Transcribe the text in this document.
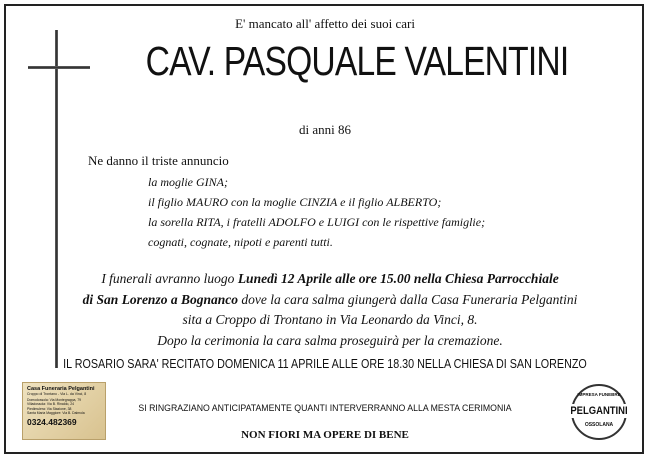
E' mancato all' affetto dei suoi cari
CAV. PASQUALE VALENTINI
di anni 86
Ne danno il triste annuncio
la moglie GINA;
il figlio MAURO con la moglie CINZIA e il figlio ALBERTO;
la sorella RITA, i fratelli ADOLFO e LUIGI con le rispettive famiglie;
cognati, cognate, nipoti e parenti tutti.
I funerali avranno luogo Lunedì 12 Aprile alle ore 15.00 nella Chiesa Parrocchiale
di San Lorenzo a Bognanco dove la cara salma giungerà dalla Casa Funeraria Pelgantini
sita a Croppo di Trontano in Via Leonardo da Vinci, 8.
Dopo la cerimonia la cara salma proseguirà per la cremazione.
IL ROSARIO SARA' RECITATO DOMENICA 11 APRILE ALLE ORE 18.30 NELLA CHIESA DI SAN LORENZO
Casa Funeraria Pelgantini
Croppo di Trontano - Via L. da Vinci, 8
Domodossola: Via Montegrappa, 79
Villadossola: Via B. Rinaldo, 24
Piedimulera: Via Stazione, 38
Santa Maria Maggiore: Via B. Dalmola
0324.482369
SI RINGRAZIANO ANTICIPATAMENTE QUANTI INTERVERRANNO ALLA MESTA CERIMONIA
NON FIORI MA OPERE DI BENE
IMPRESA FUNEBRE
PELGANTINI
OSSOLANA
